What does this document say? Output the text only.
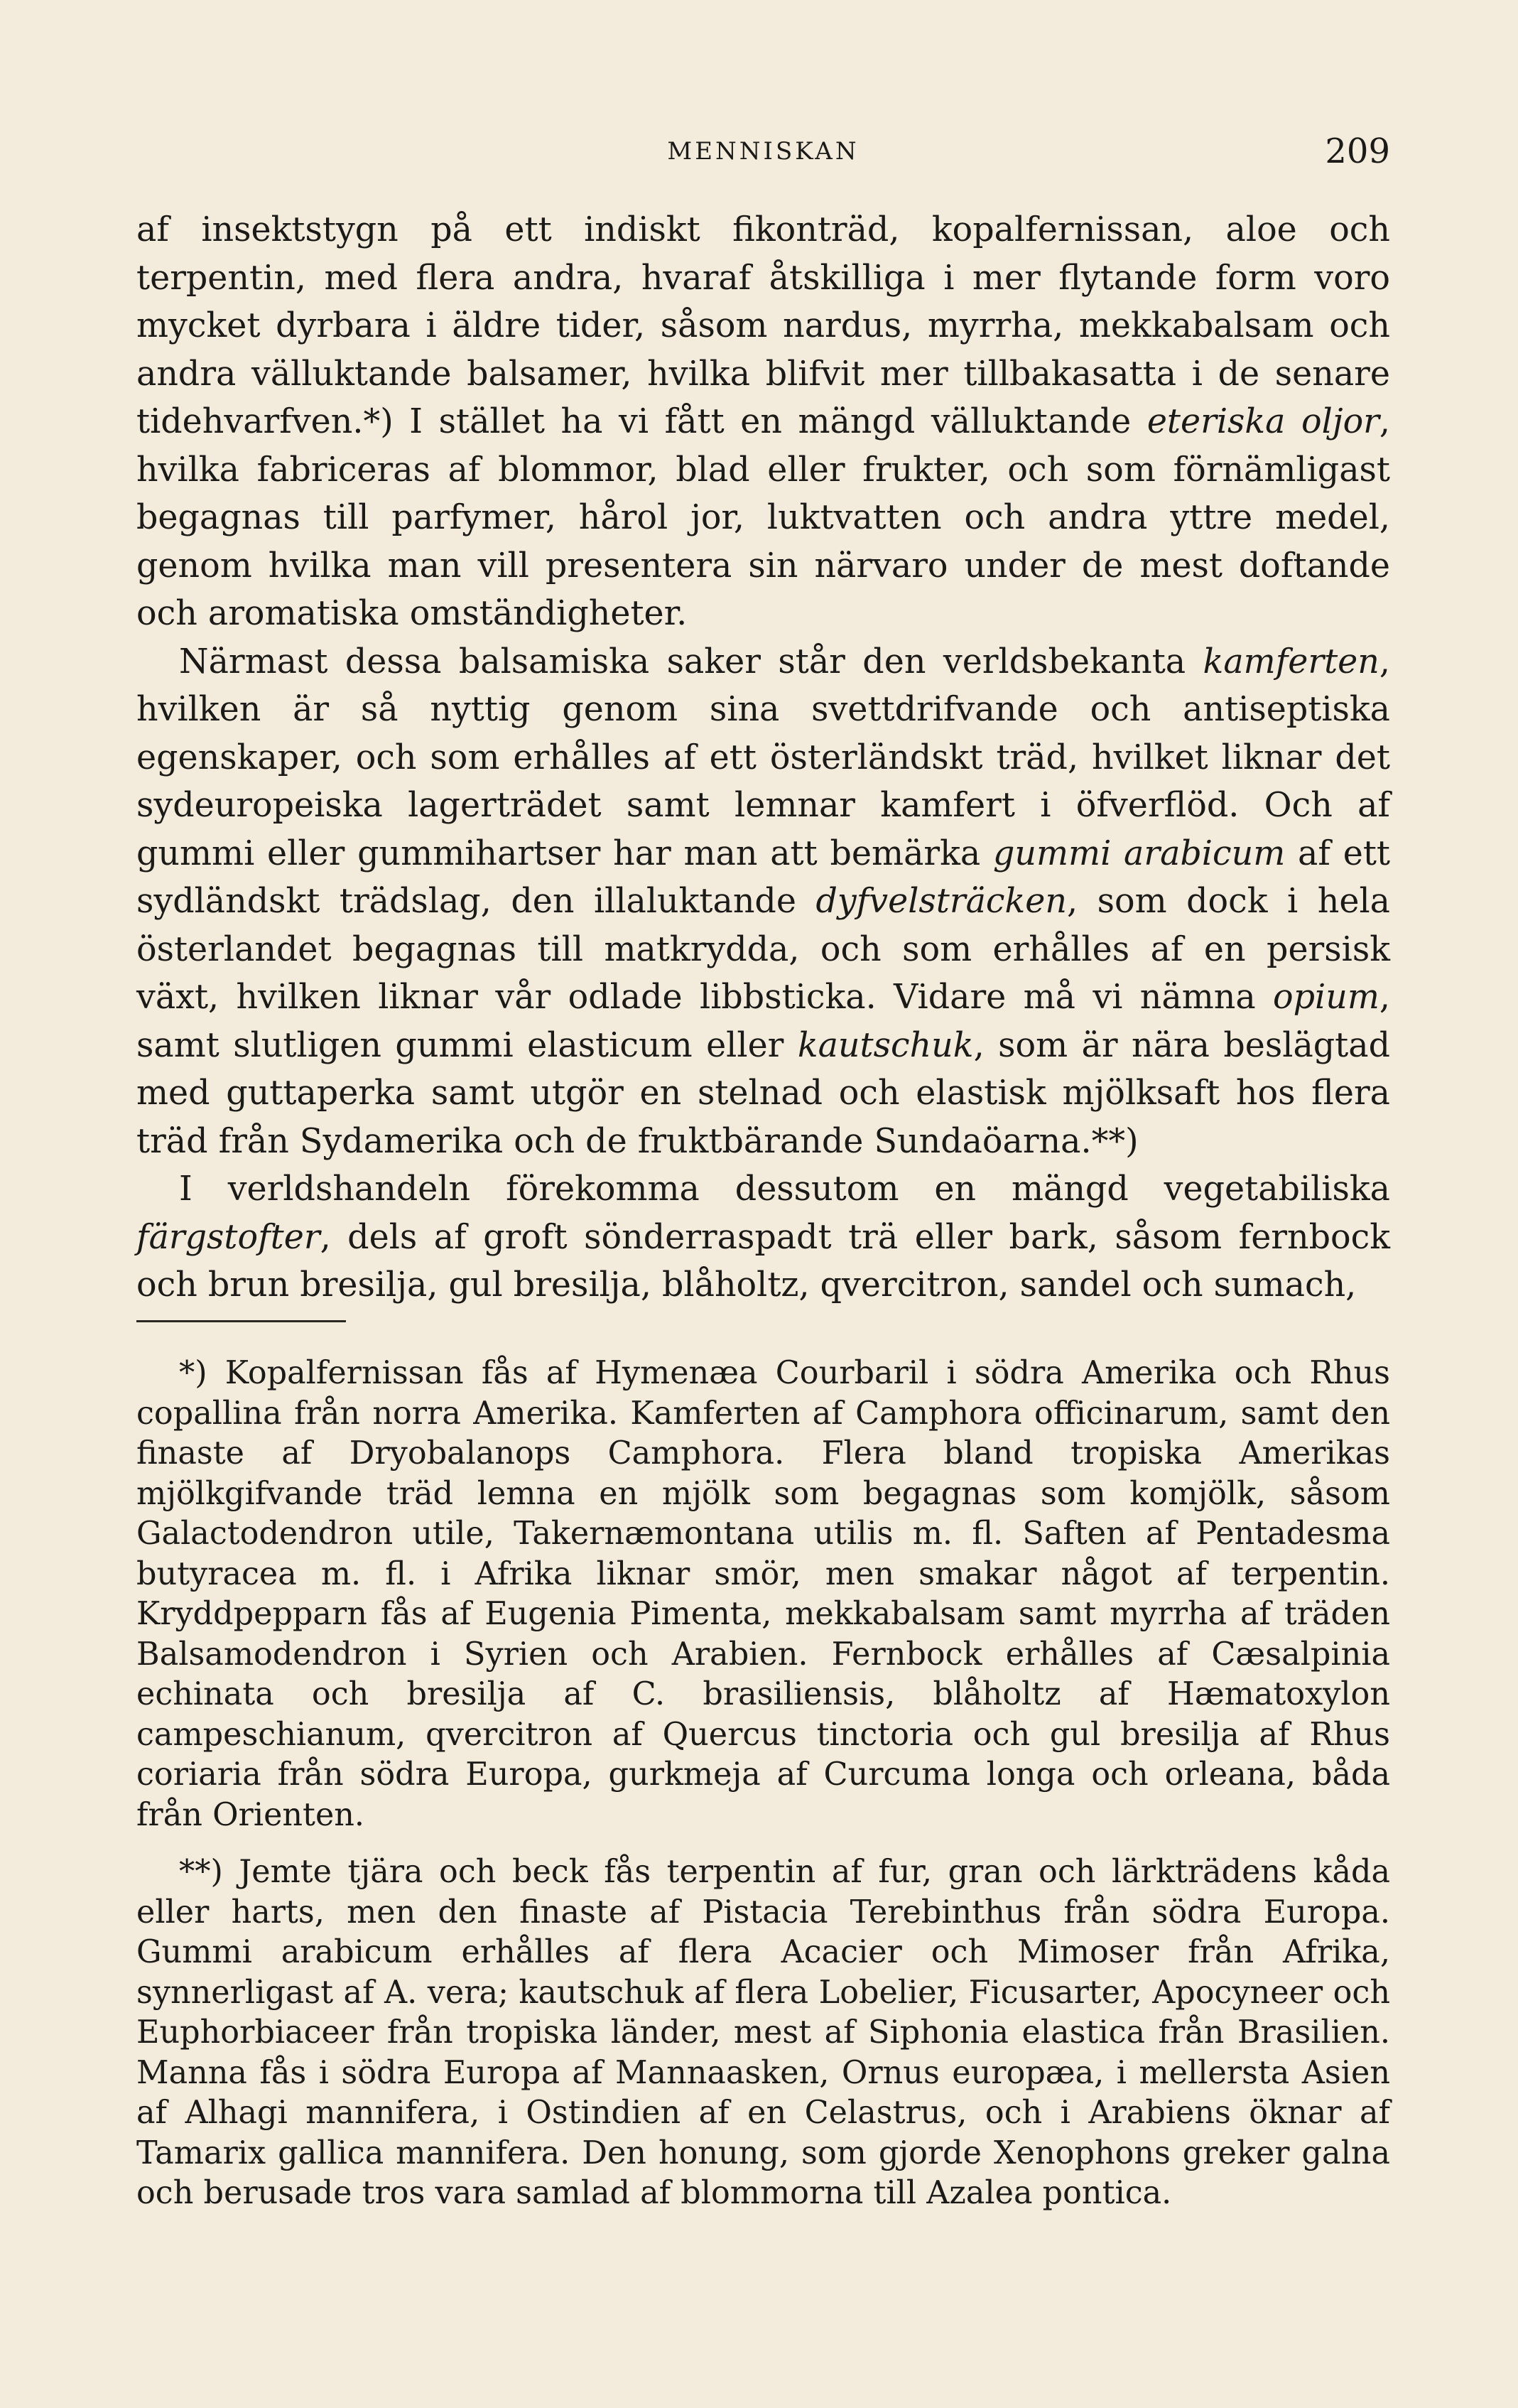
MENNISKAN	209

af insektstygn på ett indiskt fikonträd, kopalfernissan, aloe och terpentin, med flera andra, hvaraf åtskilliga i mer flytande form voro mycket dyrbara i äldre tider, såsom nardus, myrrha, mekkabalsam och andra välluktande balsamer, hvilka blifvit mer tillbakasatta i de senare tidehvarfven.*) I stället ha vi fått en mängd välluktande eteriska oljor, hvilka fabriceras af blommor, blad eller frukter, och som förnämligast begagnas till parfymer, hårol jor, luktvatten och andra yttre medel, genom hvilka man vill presentera sin närvaro under de mest doftande och aromatiska omständigheter.

Närmast dessa balsamiska saker står den verldsbekanta kamferten, hvilken är så nyttig genom sina svettdrifvande och antiseptiska egenskaper, och som erhålles af ett österländskt träd, hvilket liknar det sydeuropeiska lagerträdet samt lemnar kamfert i öfverflöd. Och af gummi eller gummihartser har man att bemärka gummi arabicum af ett sydländskt trädslag, den illaluktande dyfvelsträcken, som dock i hela österlandet begagnas till matkrydda, och som erhålles af en persisk växt, hvilken liknar vår odlade libbsticka. Vidare må vi nämna opium, samt slutligen gummi elasticum eller kautschuk, som är nära beslägtad med guttaperka samt utgör en stelnad och elastisk mjölksaft hos flera träd från Sydamerika och de fruktbärande Sundaöarna.**)

I verldshandeln förekomma dessutom en mängd vegetabiliska färgstofter, dels af groft sönderraspadt trä eller bark, såsom fernbock och brun bresilja, gul bresilja, blåholtz, qvercitron, sandel och sumach,

*) Kopalfernissan fås af Hymenæa Courbaril i södra Amerika och Rhus copallina från norra Amerika. Kamferten af Camphora officinarum, samt den finaste af Dryobalanops Camphora. Flera bland tropiska Amerikas mjölkgifvande träd lemna en mjölk som begagnas som komjölk, såsom Galactodendron utile, Takernæmontana utilis m. fl. Saften af Pentadesma butyracea m. fl. i Afrika liknar smör, men smakar något af terpentin. Kryddpepparn fås af Eugenia Pimenta, mekkabalsam samt myrrha af träden Balsamodendron i Syrien och Arabien. Fernbock erhålles af Cæsalpinia echinata och bresilja af C. brasiliensis, blåholtz af Hæmatoxylon campeschianum, qvercitron af Quercus tinctoria och gul bresilja af Rhus coriaria från södra Europa, gurkmeja af Curcuma longa och orleana, båda från Orienten.

**) Jemte tjära och beck fås terpentin af fur, gran och lärkträdens kåda eller harts, men den finaste af Pistacia Terebinthus från södra Europa. Gummi arabicum erhålles af flera Acacier och Mimoser från Afrika, synnerligast af A. vera; kautschuk af flera Lobelier, Ficusarter, Apocyneer och Euphorbiaceer från tropiska länder, mest af Siphonia elastica från Brasilien. Manna fås i södra Europa af Mannaasken, Ornus europæa, i mellersta Asien af Alhagi mannifera, i Ostindien af en Celastrus, och i Arabiens öknar af Tamarix gallica mannifera. Den honung, som gjorde Xenophons greker galna och berusade tros vara samlad af blommorna till Azalea pontica.
